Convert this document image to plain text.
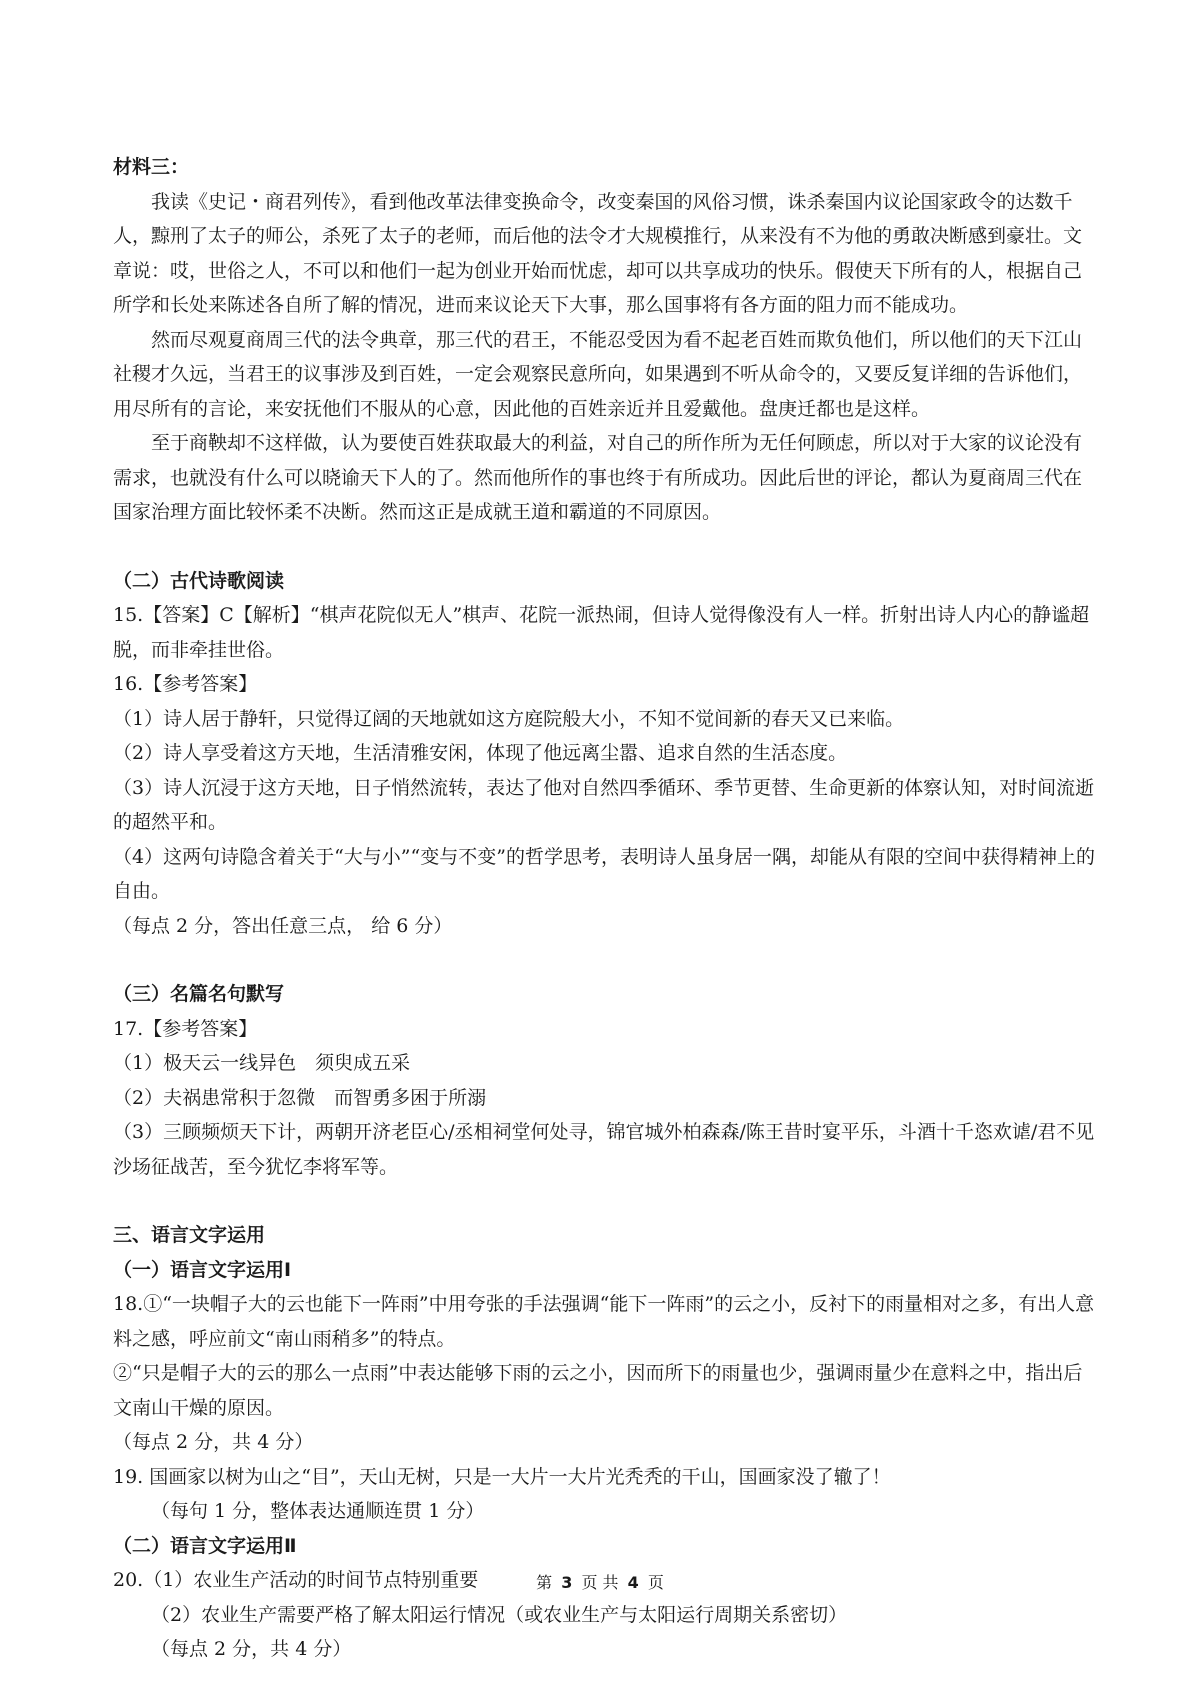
材料三：

我读《史记・商君列传》，看到他改革法律变换命令，改变秦国的风俗习惯，诛杀秦国内议论国家政令的达数千人，黥刑了太子的师公，杀死了太子的老师，而后他的法令才大规模推行，从来没有不为他的勇敢决断感到豪壮。文章说：哎，世俗之人，不可以和他们一起为创业开始而忧虑，却可以共享成功的快乐。假使天下所有的人，根据自己所学和长处来陈述各自所了解的情况，进而来议论天下大事，那么国事将有各方面的阻力而不能成功。

然而尽观夏商周三代的法令典章，那三代的君王，不能忍受因为看不起老百姓而欺负他们，所以他们的天下江山社稷才久远，当君王的议事涉及到百姓，一定会观察民意所向，如果遇到不听从命令的，又要反复详细的告诉他们，用尽所有的言论，来安抚他们不服从的心意，因此他的百姓亲近并且爱戴他。盘庚迁都也是这样。

至于商鞅却不这样做，认为要使百姓获取最大的利益，对自己的所作所为无任何顾虑，所以对于大家的议论没有需求，也就没有什么可以晓谕天下人的了。然而他所作的事也终于有所成功。因此后世的评论，都认为夏商周三代在国家治理方面比较怀柔不决断。然而这正是成就王道和霸道的不同原因。

（二）古代诗歌阅读

15.【答案】C【解析】“棋声花院似无人”棋声、花院一派热闹，但诗人觉得像没有人一样。折射出诗人内心的静谧超脱，而非牵挂世俗。

16.【参考答案】

（1）诗人居于静轩，只觉得辽阔的天地就如这方庭院般大小，不知不觉间新的春天又已来临。

（2）诗人享受着这方天地，生活清雅安闲，体现了他远离尘嚣、追求自然的生活态度。

（3）诗人沉浸于这方天地，日子悄然流转，表达了他对自然四季循环、季节更替、生命更新的体察认知，对时间流逝的超然平和。

（4）这两句诗隐含着关于“大与小”“变与不变”的哲学思考，表明诗人虽身居一隅，却能从有限的空间中获得精神上的自由。

（每点 2 分，答出任意三点， 给 6 分）

（三）名篇名句默写

17.【参考答案】

（1）极天云一线异色　须臾成五采

（2）夫祸患常积于忽微　而智勇多困于所溺

（3）三顾频烦天下计，两朝开济老臣心/丞相祠堂何处寻，锦官城外柏森森/陈王昔时宴平乐，斗酒十千恣欢谑/君不见沙场征战苦，至今犹忆李将军等。

三、语言文字运用

（一）语言文字运用Ⅰ

18.①“一块帽子大的云也能下一阵雨”中用夸张的手法强调“能下一阵雨”的云之小，反衬下的雨量相对之多，有出人意料之感，呼应前文“南山雨稍多”的特点。

②“只是帽子大的云的那么一点雨”中表达能够下雨的云之小，因而所下的雨量也少，强调雨量少在意料之中，指出后文南山干燥的原因。

（每点 2 分，共 4 分）

19. 国画家以树为山之“目”，天山无树，只是一大片一大片光秃秃的干山，国画家没了辙了！

（每句 1 分，整体表达通顺连贯 1 分）

（二）语言文字运用Ⅱ

20.（1）农业生产活动的时间节点特别重要

（2）农业生产需要严格了解太阳运行情况（或农业生产与太阳运行周期关系密切）

（每点 2 分，共 4 分）

第 3 页 共 4 页
